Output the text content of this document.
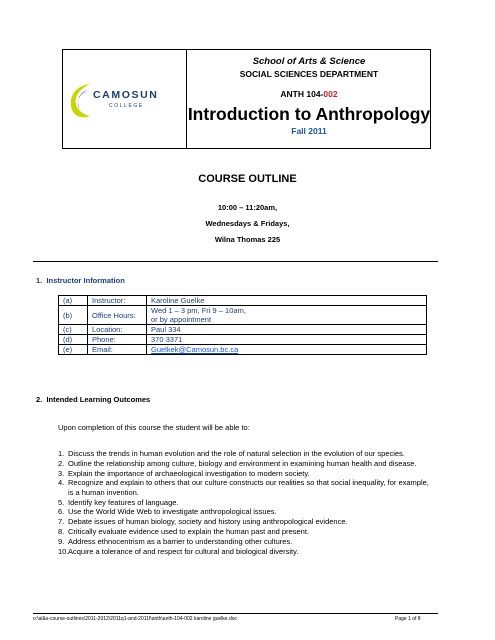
CAMOSUN
COLLEGE
School of Arts & Science
SOCIAL SCIENCES DEPARTMENT
ANTH 104-002
Introduction to Anthropology
Fall 2011
COURSE OUTLINE
10:00 – 11:20am,
Wednesdays & Fridays,
Wilna Thomas 225
1. Instructor Information
(a)	Instructor:	Karoline Guelke
(b)	Office Hours:	Wed 1 – 3 pm, Fri 9 – 10am,
or by appointment

(c)	Location:	Paul 334
(d)	Phone:	370 3371
(e)	Email:	Guelkek@Camosun.bc.ca
2. Intended Learning Outcomes
Upon completion of this course the student will be able to:
1. Discuss the trends in human evolution and the role of natural selection in the evolution of our species.
2. Outline the relationship among culture, biology and environment in examining human health and disease.
3. Explain the importance of archaeological investigation to modern society.
4. Recognize and explain to others that our culture constructs our realities so that social inequality, for example, is a human invention.
5. Identify key features of language.
6. Use the World Wide Web to investigate anthropological issues.
7. Debate issues of human biology, society and history using anthropological evidence.
8. Critically evaluate evidence used to explain the human past and present.
9. Address ethnocentrism as a barrier to understanding other cultures.
10. Acquire a tolerance of and respect for cultural and biological diversity.
o:\al&s-course-outlines\2011-2012\2011q1-and-2011f\anth\anth-104-002 karoline guelke.doc	Page 1 of 8
